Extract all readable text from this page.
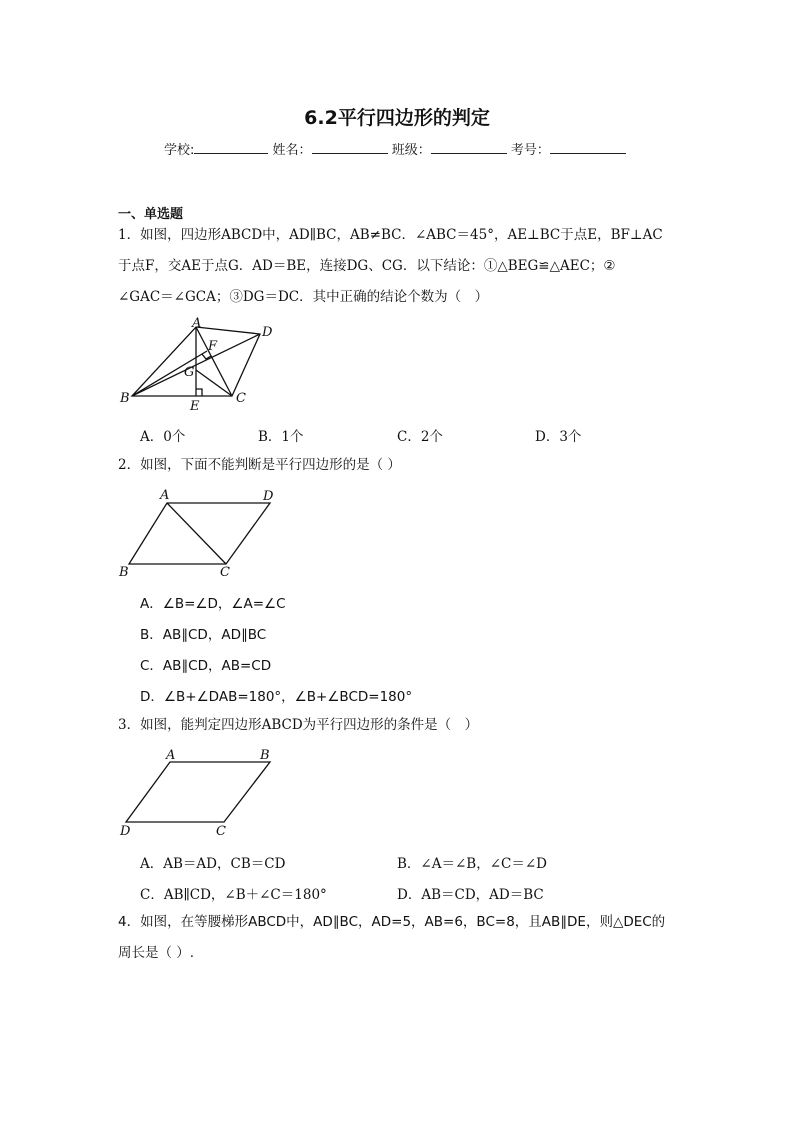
6.2平行四边形的判定
学校:	姓名：	班级：	考号：
一、单选题
1．如图，四边形ABCD中，AD∥BC，AB≠BC．∠ABC＝45°，AE⊥BC于点E，BF⊥AC
于点F，交AE于点G．AD＝BE，连接DG、CG．以下结论：①△BEG≌△AEC；②
∠GAC＝∠GCA；③DG＝DC．其中正确的结论个数为（　）
A
D
F
G
B
E
C
A．0个	B．1个	C．2个	D．3个
2．如图，下面不能判断是平行四边形的是（ ）
A	D
B	C
A．∠B=∠D，∠A=∠C
B．AB∥CD，AD∥BC
C．AB∥CD，AB=CD
D．∠B+∠DAB=180°，∠B+∠BCD=180°
3．如图，能判定四边形ABCD为平行四边形的条件是（　）
A	B
D	C
A．AB＝AD，CB＝CD	B．∠A＝∠B，∠C＝∠D
C．AB∥CD，∠B＋∠C＝180°	D．AB＝CD，AD＝BC
4．如图，在等腰梯形ABCD中，AD∥BC，AD=5，AB=6，BC=8，且AB∥DE，则△DEC的
周长是（ ）.
